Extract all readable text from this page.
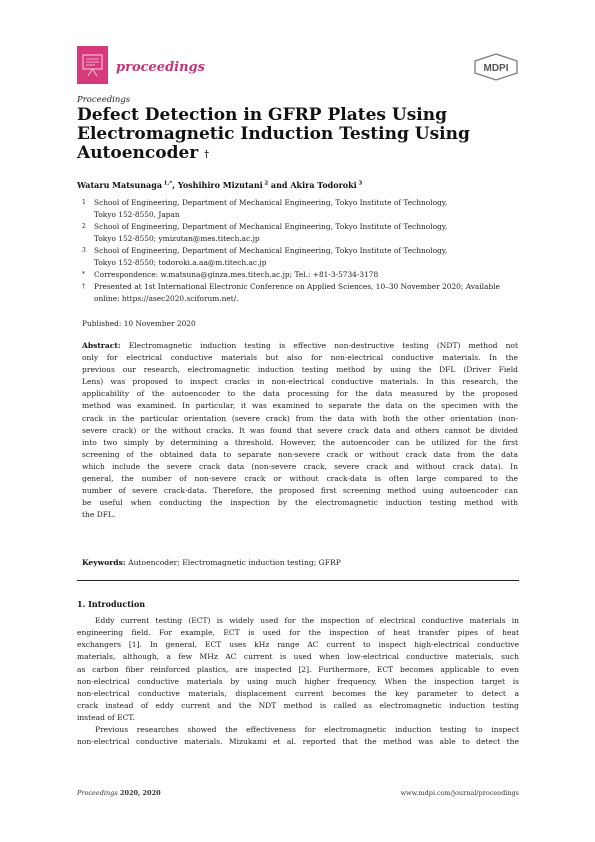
proceedings	MDPI
Proceedings
Defect Detection in GFRP Plates Using
Electromagnetic Induction Testing Using
Autoencoder †
Wataru Matsunaga  $^{1,*}$, Yoshihiro Mizutani  $^2$ and Akira Todoroki  $^3$
1 School of Engineering, Department of Mechanical Engineering, Tokyo Institute of Technology,
Tokyo 152-8550, Japan
2 School of Engineering, Department of Mechanical Engineering, Tokyo Institute of Technology,
Tokyo 152-8550; ymizutan@mes.titech.ac.jp
3 School of Engineering, Department of Mechanical Engineering, Tokyo Institute of Technology,
Tokyo 152-8550; todoroki.a.aa@m.titech.ac.jp
* Correspondence: w.matsuna@ginza.mes.titech.ac.jp; Tel.: +81-3-5734-3178
† Presented at 1st International Electronic Conference on Applied Sciences, 10–30 November 2020; Available
online: https://asec2020.sciforum.net/.
Published: 10 November 2020
Abstract: Electromagnetic induction testing is effective non-destructive testing (NDT) method not
only for electrical conductive materials but also for non-electrical conductive materials. In the
previous our research, electromagnetic induction testing method by using the DFL (Driver Field
Lens) was proposed to inspect cracks in non-electrical conductive materials. In this research, the
applicability of the autoencoder to the data processing for the data measured by the proposed
method was examined. In particular, it was examined to separate the data on the specimen with the
crack in the particular orientation (severe crack) from the data with both the other orientation (non-
severe crack) or the without cracks. It was found that severe crack data and others cannot be divided
into two simply by determining a threshold. However, the autoencoder can be utilized for the first
screening of the obtained data to separate non-severe crack or without crack data from the data
which include the severe crack data (non-severe crack, severe crack and without crack data). In
general, the number of non-severe crack or without crack-data is often large compared to the
number of severe crack-data. Therefore, the proposed first screening method using autoencoder can
be useful when conducting the inspection by the electromagnetic induction testing method with
the DFL.
Keywords: Autoencoder; Electromagnetic induction testing; GFRP
1. Introduction
Eddy current testing (ECT) is widely used for the inspection of electrical conductive materials in
engineering field. For example, ECT is used for the inspection of heat transfer pipes of heat
exchangers [1]. In general, ECT uses kHz range AC current to inspect high-electrical conductive
materials, although, a few MHz AC current is used when low-electrical conductive materials, such
as carbon fiber reinforced plastics, are inspected [2]. Furthermore, ECT becomes applicable to even
non-electrical conductive materials by using much higher frequency. When the inspection target is
non-electrical conductive materials, displacement current becomes the key parameter to detect a
crack instead of eddy current and the NDT method is called as electromagnetic induction testing
instead of ECT.
Previous researches showed the effectiveness for electromagnetic induction testing to inspect
non-electrical conductive materials. Mizukami et al. reported that the method was able to detect the
Proceedings 2020, 2020	www.mdpi.com/journal/proceedings
